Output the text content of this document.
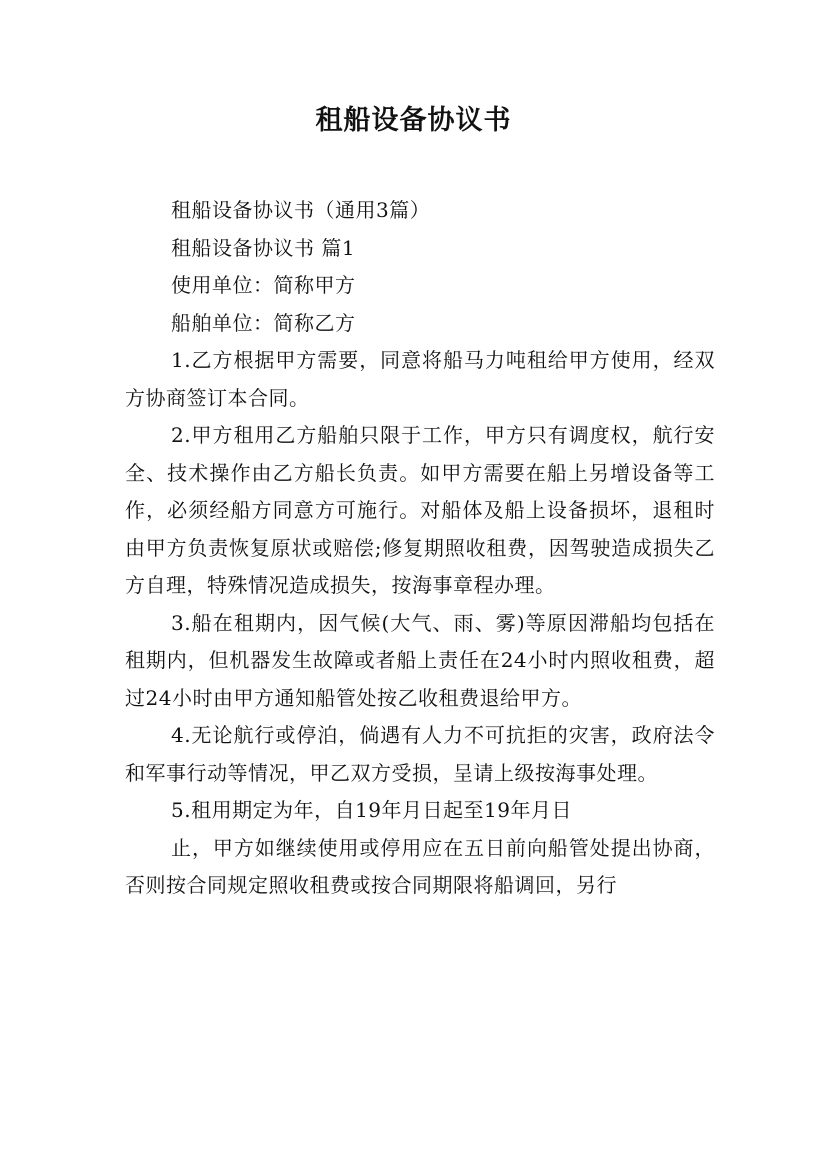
租船设备协议书

租船设备协议书（通用3篇）

租船设备协议书 篇1

使用单位：简称甲方

船舶单位：简称乙方

1.乙方根据甲方需要，同意将船马力吨租给甲方使用，经双方协商签订本合同。

2.甲方租用乙方船舶只限于工作，甲方只有调度权，航行安全、技术操作由乙方船长负责。如甲方需要在船上另增设备等工作，必须经船方同意方可施行。对船体及船上设备损坏，退租时由甲方负责恢复原状或赔偿;修复期照收租费，因驾驶造成损失乙方自理，特殊情况造成损失，按海事章程办理。

3.船在租期内，因气候(大气、雨、雾)等原因滞船均包括在租期内，但机器发生故障或者船上责任在24小时内照收租费，超过24小时由甲方通知船管处按乙收租费退给甲方。

4.无论航行或停泊，倘遇有人力不可抗拒的灾害，政府法令和军事行动等情况，甲乙双方受损，呈请上级按海事处理。

5.租用期定为年，自19年月日起至19年月日

止，甲方如继续使用或停用应在五日前向船管处提出协商，否则按合同规定照收租费或按合同期限将船调回，另行
